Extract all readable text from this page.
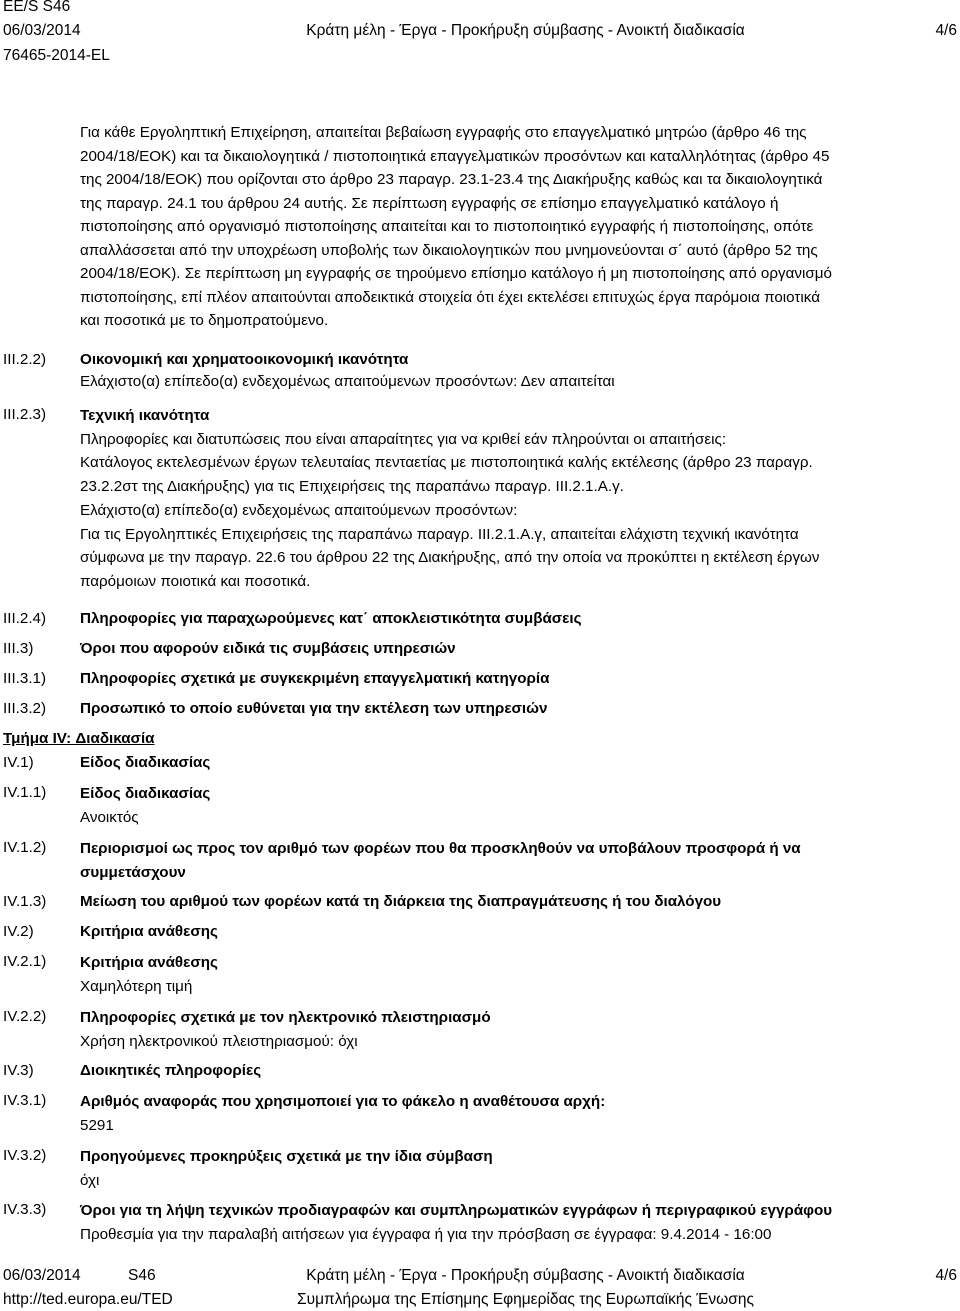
EE/S S46
06/03/2014
76465-2014-EL
Κράτη μέλη - Έργα - Προκήρυξη σύμβασης - Ανοικτή διαδικασία	4/6
Για κάθε Εργοληπτική Επιχείρηση, απαιτείται βεβαίωση εγγραφής στο επαγγελματικό μητρώο (άρθρο 46 της
2004/18/ΕΟΚ) και τα δικαιολογητικά / πιστοποιητικά επαγγελματικών προσόντων και καταλληλότητας (άρθρο 45
της 2004/18/ΕΟΚ) που ορίζονται στο άρθρο 23 παραγρ. 23.1-23.4 της Διακήρυξης καθώς και τα δικαιολογητικά
της παραγρ. 24.1 του άρθρου 24 αυτής. Σε περίπτωση εγγραφής σε επίσημο επαγγελματικό κατάλογο ή
πιστοποίησης από οργανισμό πιστοποίησης απαιτείται και το πιστοποιητικό εγγραφής ή πιστοποίησης, οπότε
απαλλάσσεται από την υποχρέωση υποβολής των δικαιολογητικών που μνημονεύονται σ΄ αυτό (άρθρο 52 της
2004/18/ΕΟΚ). Σε περίπτωση μη εγγραφής σε τηρούμενο επίσημο κατάλογο ή μη πιστοποίησης από οργανισμό
πιστοποίησης, επί πλέον απαιτούνται αποδεικτικά στοιχεία ότι έχει εκτελέσει επιτυχώς έργα παρόμοια ποιοτικά
και ποσοτικά με το δημοπρατούμενο.
III.2.2) Οικονομική και χρηματοοικονομική ικανότητα
Ελάχιστο(α) επίπεδο(α) ενδεχομένως απαιτούμενων προσόντων: Δεν απαιτείται
III.2.3) Τεχνική ικανότητα
Πληροφορίες και διατυπώσεις που είναι απαραίτητες για να κριθεί εάν πληρούνται οι απαιτήσεις:
Κατάλογος εκτελεσμένων έργων τελευταίας πενταετίας με πιστοποιητικά καλής εκτέλεσης (άρθρο 23 παραγρ.
23.2.2στ της Διακήρυξης) για τις Επιχειρήσεις της παραπάνω παραγρ. III.2.1.Α.γ.
Ελάχιστο(α) επίπεδο(α) ενδεχομένως απαιτούμενων προσόντων:
Για τις Εργοληπτικές Επιχειρήσεις της παραπάνω παραγρ. III.2.1.Α.γ, απαιτείται ελάχιστη τεχνική ικανότητα
σύμφωνα με την παραγρ. 22.6 του άρθρου 22 της Διακήρυξης, από την οποία να προκύπτει η εκτέλεση έργων
παρόμοιων ποιοτικά και ποσοτικά.
III.2.4) Πληροφορίες για παραχωρούμενες κατ΄ αποκλειστικότητα συμβάσεις
III.3)	Όροι που αφορούν ειδικά τις συμβάσεις υπηρεσιών
III.3.1) Πληροφορίες σχετικά με συγκεκριμένη επαγγελματική κατηγορία
III.3.2) Προσωπικό το οποίο ευθύνεται για την εκτέλεση των υπηρεσιών
Τμήμα IV: Διαδικασία
IV.1)	Είδος διαδικασίας
IV.1.1) Είδος διαδικασίας
Ανοικτός
IV.1.2) Περιορισμοί ως προς τον αριθμό των φορέων που θα προσκληθούν να υποβάλουν προσφορά ή να
συμμετάσχουν
IV.1.3) Μείωση του αριθμού των φορέων κατά τη διάρκεια της διαπραγμάτευσης ή του διαλόγου
IV.2)	Κριτήρια ανάθεσης
IV.2.1) Κριτήρια ανάθεσης
Χαμηλότερη τιμή
IV.2.2) Πληροφορίες σχετικά με τον ηλεκτρονικό πλειστηριασμό
Χρήση ηλεκτρονικού πλειστηριασμού: όχι
IV.3)	Διοικητικές πληροφορίες
IV.3.1) Αριθμός αναφοράς που χρησιμοποιεί για το φάκελο η αναθέτουσα αρχή:
5291
IV.3.2) Προηγούμενες προκηρύξεις σχετικά με την ίδια σύμβαση
όχι
IV.3.3) Όροι για τη λήψη τεχνικών προδιαγραφών και συμπληρωματικών εγγράφων ή περιγραφικού εγγράφου
Προθεσμία για την παραλαβή αιτήσεων για έγγραφα ή για την πρόσβαση σε έγγραφα: 9.4.2014 - 16:00
06/03/2014	S46	Κράτη μέλη - Έργα - Προκήρυξη σύμβασης - Ανοικτή διαδικασία	4/6
http://ted.europa.eu/TED	Συμπλήρωμα της Επίσημης Εφημερίδας της Ευρωπαϊκής Ένωσης
